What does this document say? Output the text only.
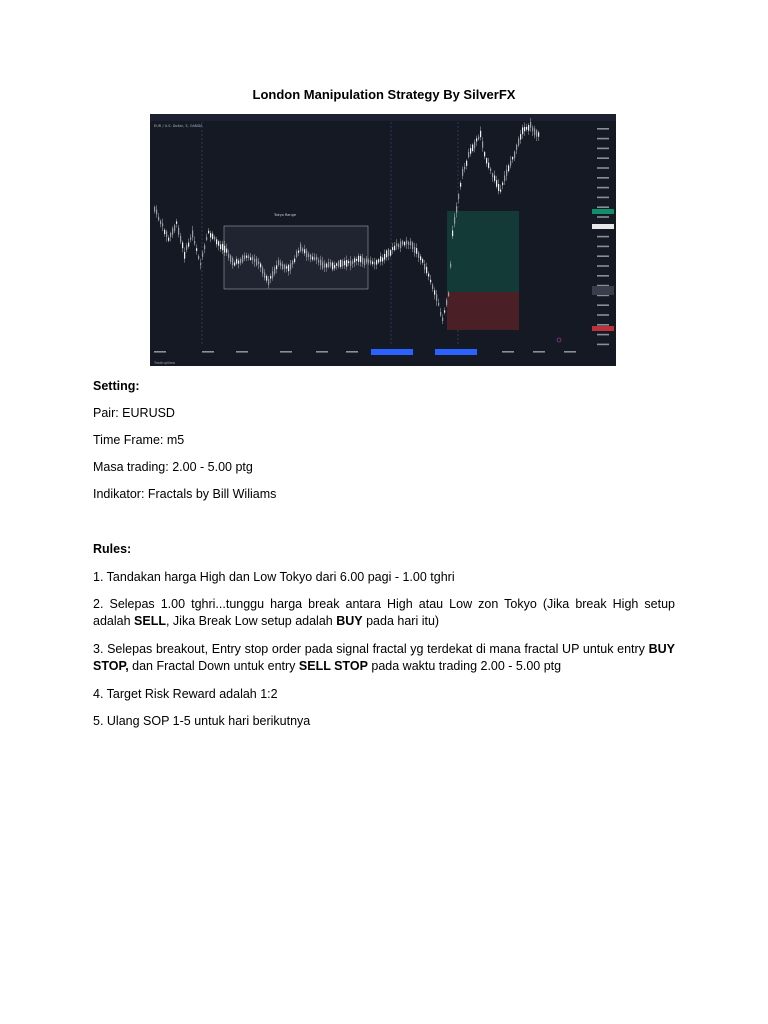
London Manipulation Strategy By SilverFX
EUR / U.S. Dollar, 5, OANDA
Tokyo Range
TradingView
Setting:
Pair: EURUSD
Time Frame: m5
Masa trading: 2.00 - 5.00 ptg
Indikator: Fractals by Bill Wiliams
Rules:
1. Tandakan harga High dan Low Tokyo dari 6.00 pagi - 1.00 tghri
2. Selepas 1.00 tghri...tunggu harga break antara High atau Low zon Tokyo (Jika break High setup adalah SELL, Jika Break Low setup adalah BUY pada hari itu)
3. Selepas breakout, Entry stop order pada signal fractal yg terdekat di mana fractal UP untuk entry BUY STOP, dan Fractal Down untuk entry SELL STOP pada waktu trading 2.00 - 5.00 ptg
4. Target Risk Reward adalah 1:2
5. Ulang SOP 1-5 untuk hari berikutnya
